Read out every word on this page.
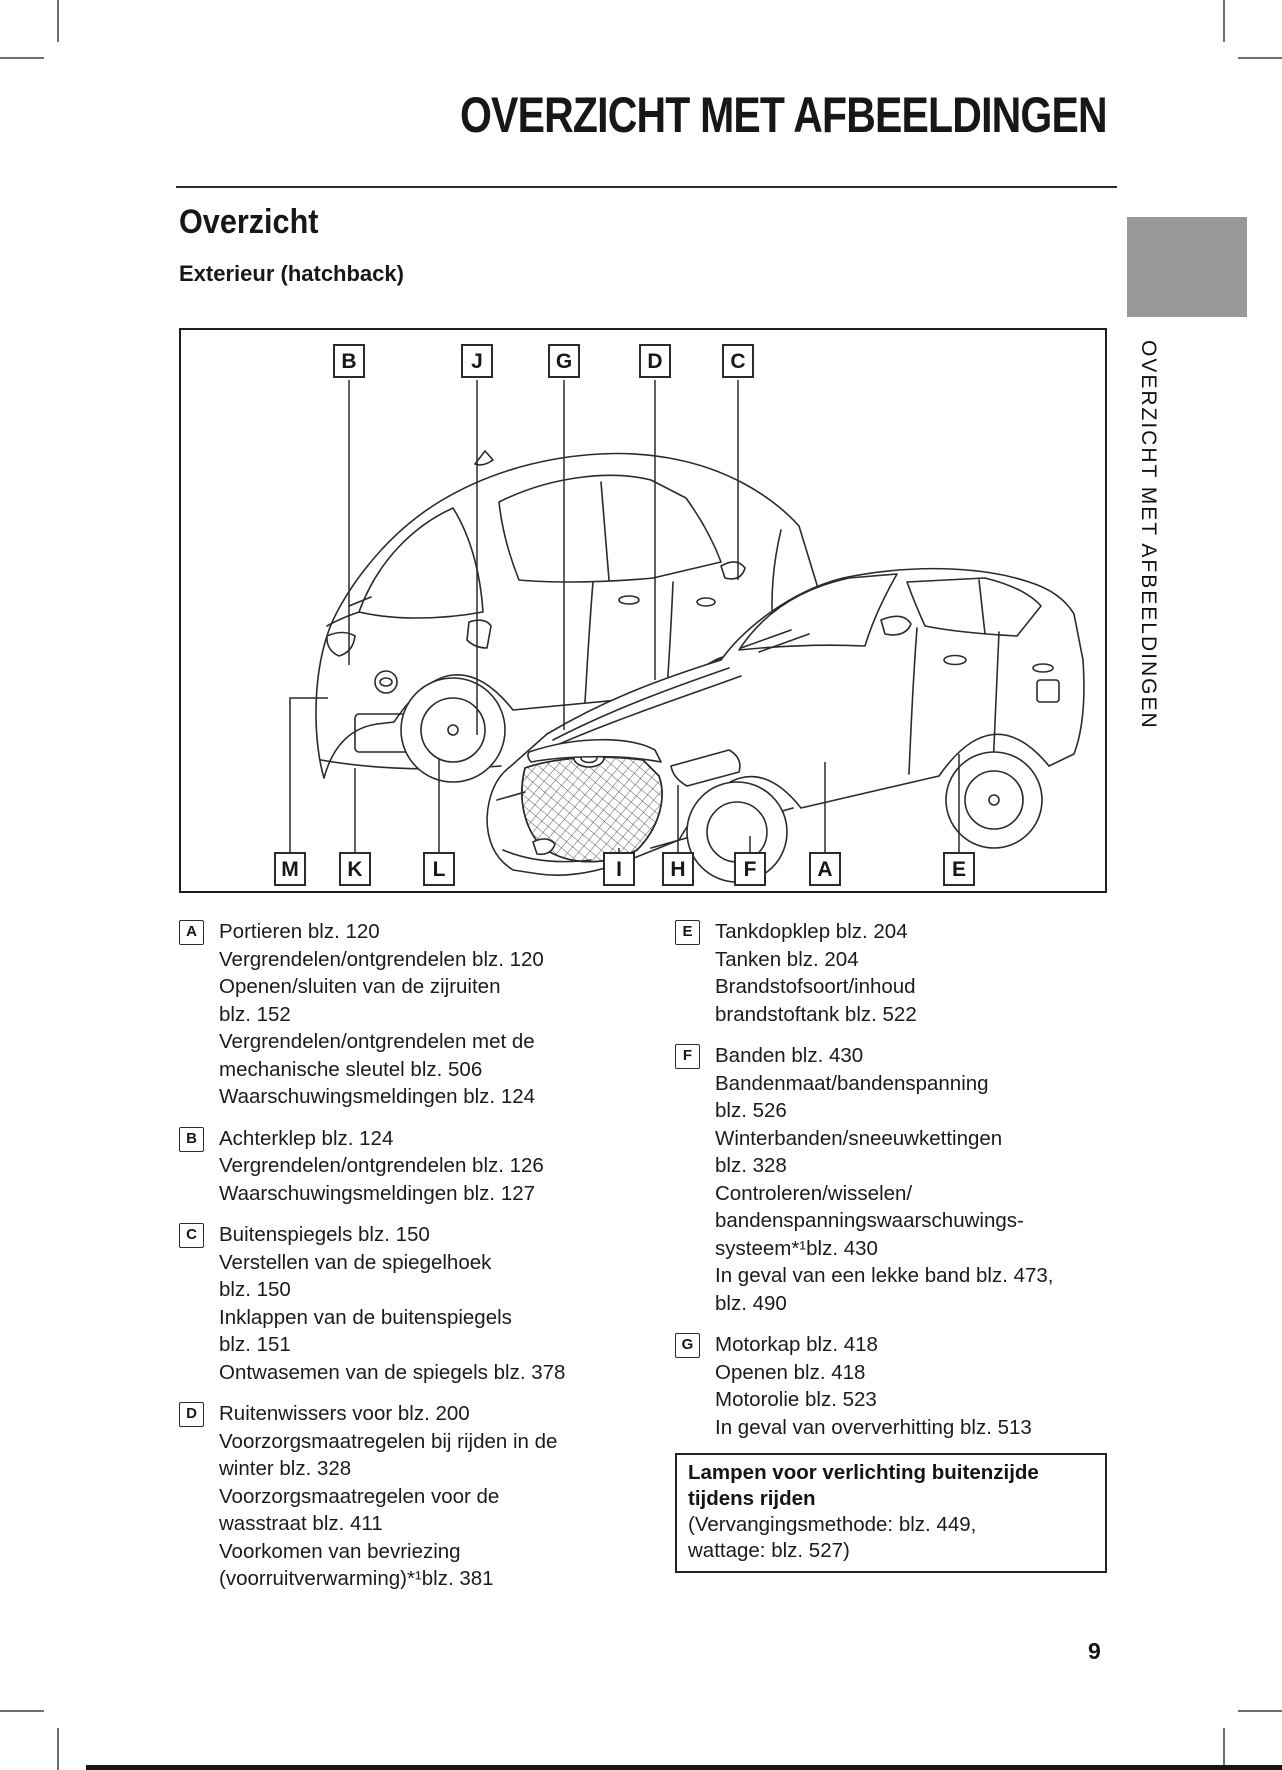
OVERZICHT MET AFBEELDINGEN
Overzicht
Exterieur (hatchback)
OVERZICHT MET AFBEELDINGEN
B	J	G	D	C
M	K	L	I	H	F	A	E
A	Portieren blz. 120
Vergrendelen/ontgrendelen blz. 120
Openen/sluiten van de zijruiten
blz. 152
Vergrendelen/ontgrendelen met de
mechanische sleutel blz. 506
Waarschuwingsmeldingen blz. 124
B	Achterklep blz. 124
Vergrendelen/ontgrendelen blz. 126
Waarschuwingsmeldingen blz. 127
C	Buitenspiegels blz. 150
Verstellen van de spiegelhoek
blz. 150
Inklappen van de buitenspiegels
blz. 151
Ontwasemen van de spiegels blz. 378
D	Ruitenwissers voor blz. 200
Voorzorgsmaatregelen bij rijden in de
winter blz. 328
Voorzorgsmaatregelen voor de
wasstraat blz. 411
Voorkomen van bevriezing
(voorruitverwarming)*¹blz. 381
E	Tankdopklep blz. 204
Tanken blz. 204
Brandstofsoort/inhoud
brandstoftank blz. 522
F	Banden blz. 430
Bandenmaat/bandenspanning
blz. 526
Winterbanden/sneeuwkettingen
blz. 328
Controleren/wisselen/
bandenspanningswaarschuwings-
systeem*¹blz. 430
In geval van een lekke band blz. 473,
blz. 490
G	Motorkap blz. 418
Openen blz. 418
Motorolie blz. 523
In geval van oververhitting blz. 513
Lampen voor verlichting buitenzijde
tijdens rijden
(Vervangingsmethode: blz. 449,
wattage: blz. 527)
9
